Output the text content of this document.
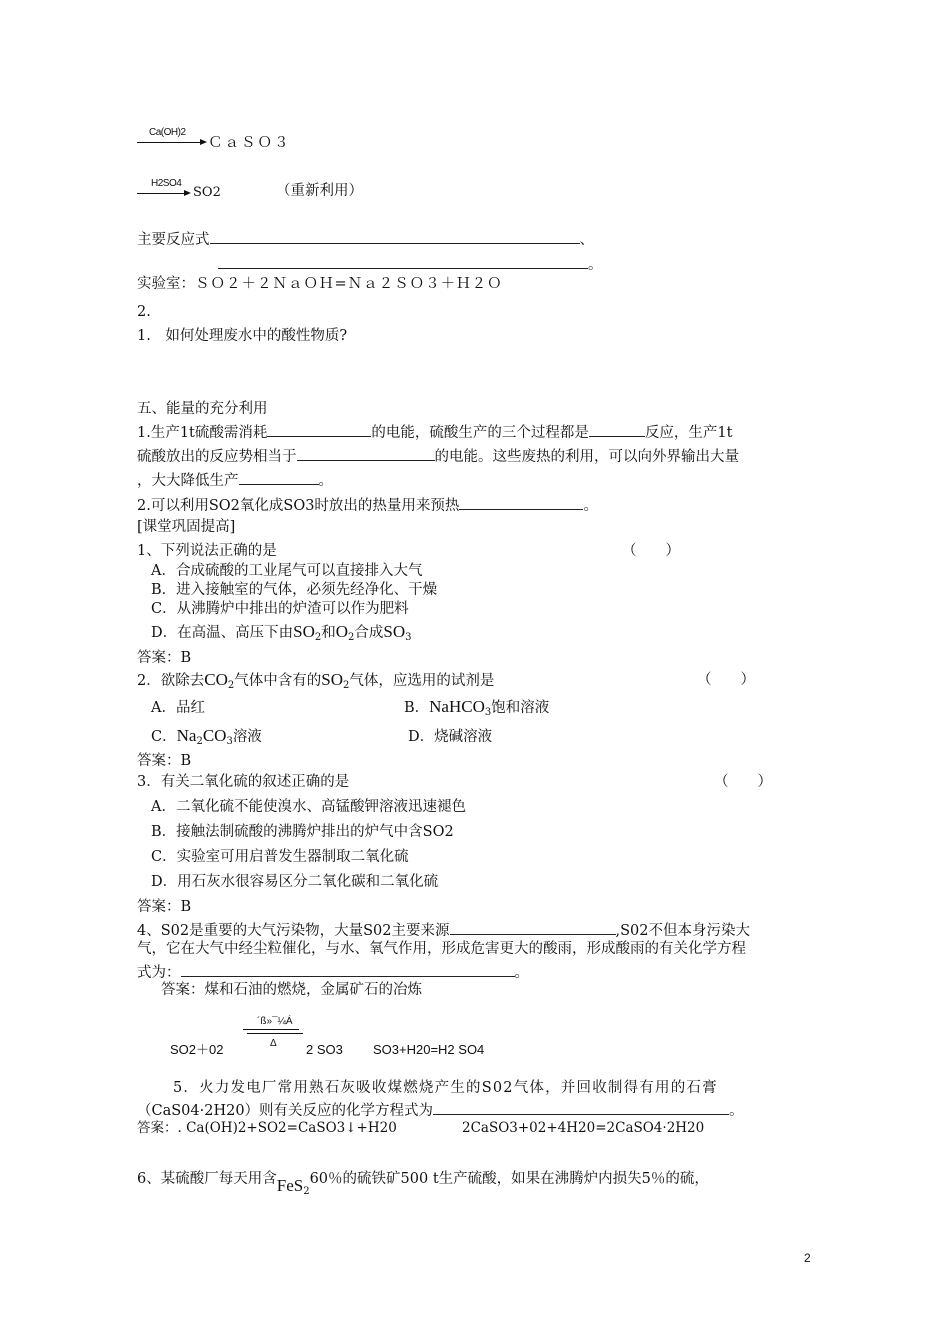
Ca(OH)2
ＣａＳＯ３
H2SO4
SO2	（重新利用）
主要反应式	、
。
实验室：ＳＯ２＋２ＮａＯＨ=Ｎａ２ＳＯ３＋Ｈ２Ｏ
2.
1.　如何处理废水中的酸性物质?
五、能量的充分利用
1.生产1t硫酸需消耗	的电能，硫酸生产的三个过程都是	反应，生产1t
硫酸放出的反应势相当于	的电能。这些废热的利用，可以向外界输出大量
，大大降低生产	。
2.可以利用SO2氧化成SO3时放出的热量用来预热	。
[课堂巩固提高]
1、下列说法正确的是	（　　）
A．合成硫酸的工业尾气可以直接排入大气
B．进入接触室的气体，必须先经净化、干燥
C．从沸腾炉中排出的炉渣可以作为肥料
D．在高温、高压下由$SO_2$和$O_2$合成$SO_3$
答案：B
2．欲除去$CO_2$气体中含有的$SO_2$气体，应选用的试剂是	（　　）
A．品红	B．NaHCO$_3$饱和溶液
C．$Na_2CO_3$溶液	D．烧碱溶液
答案：B
3．有关二氧化硫的叙述正确的是	（　　）
A．二氧化硫不能使溴水、高锰酸钾溶液迅速褪色
B．接触法制硫酸的沸腾炉排出的炉气中含SO2
C．实验室可用启普发生器制取二氧化硫
D．用石灰水很容易区分二氧化碳和二氧化硫
答案：B
4、S02是重要的大气污染物，大量S02主要来源	,S02不但本身污染大
气，它在大气中经尘粒催化，与水、氧气作用，形成危害更大的酸雨，形成酸雨的有关化学方程
式为：	。
答案：煤和石油的燃烧，金属矿石的冶炼
SO2＋02
´ß»¯¼Á
Δ 2 SO3 SO3+H20=H2 SO4
5．火力发电厂常用熟石灰吸收煤燃烧产生的S02气体，并回收制得有用的石膏
（CaS04·2H20）则有关反应的化学方程式为	。
答案：. Ca(OH)2+SO2=CaSO3↓+H20	2CaSO3+02+4H20=2CaSO4·2H20
6、某硫酸厂每天用含FeS$_2$60％的硫铁矿500 t生产硫酸，如果在沸腾炉内损失5％的硫，
2
